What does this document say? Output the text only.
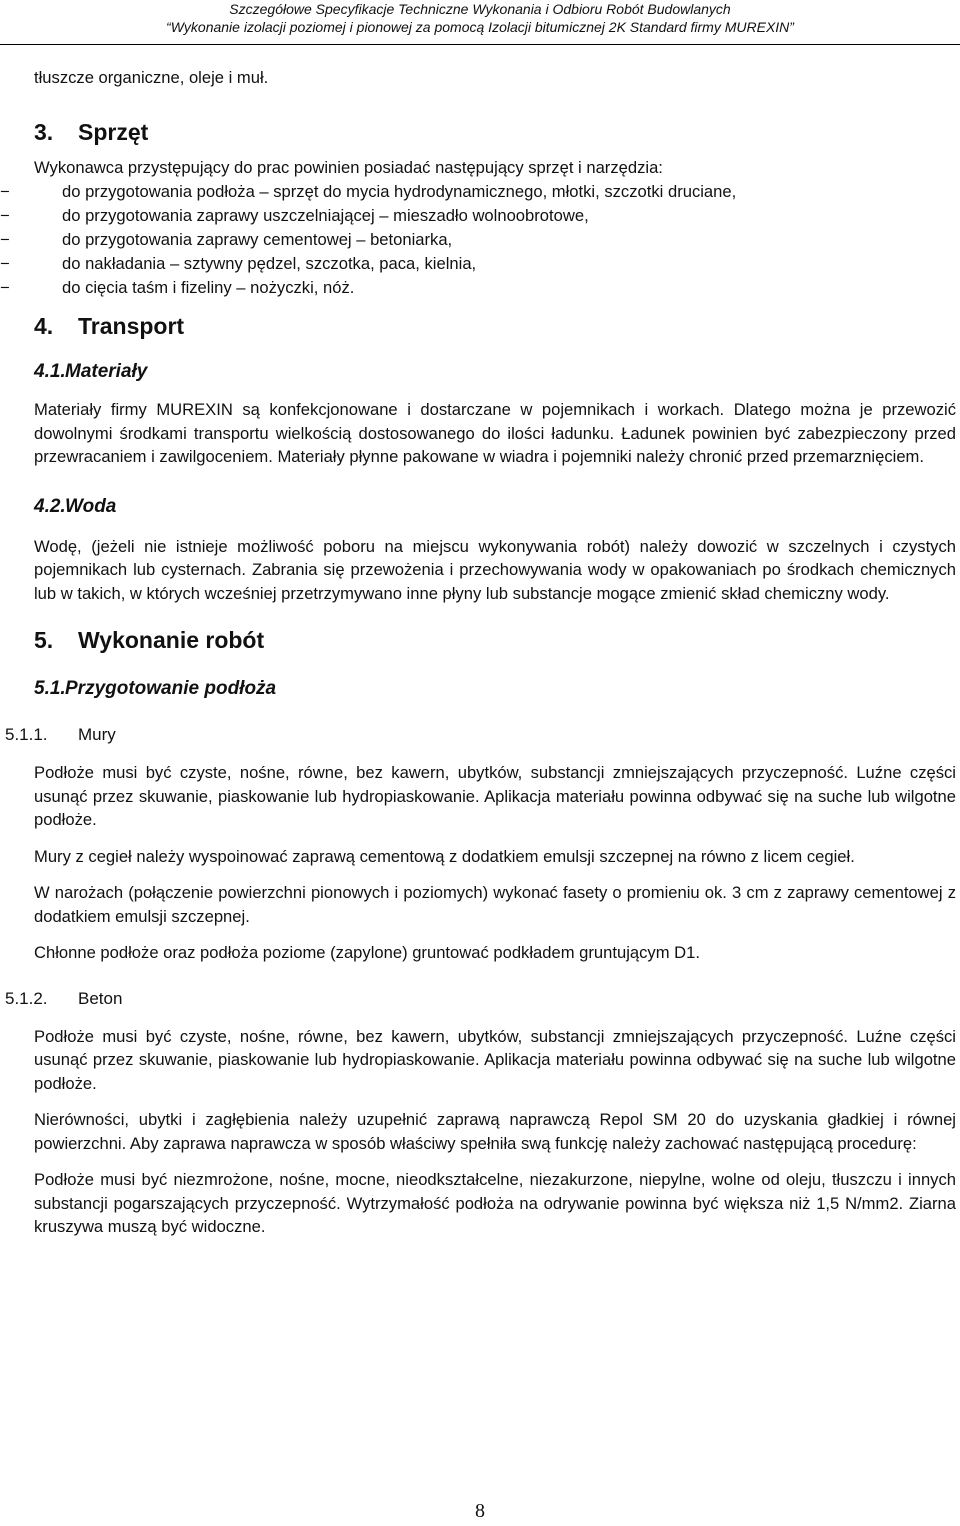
Szczegółowe Specyfikacje Techniczne Wykonania i Odbioru Robót Budowlanych
“Wykonanie izolacji poziomej i pionowej za pomocą Izolacji bitumicznej 2K Standard firmy MUREXIN”

tłuszcze organiczne, oleje i muł.

3.	Sprzęt

Wykonawca przystępujący do prac powinien posiadać następujący sprzęt i narzędzia:

−	do przygotowania podłoża – sprzęt do mycia hydrodynamicznego, młotki, szczotki druciane,
−	do przygotowania zaprawy uszczelniającej – mieszadło wolnoobrotowe,
−	do przygotowania zaprawy cementowej – betoniarka,
−	do nakładania – sztywny pędzel, szczotka, paca, kielnia,
−	do cięcia taśm i fizeliny – nożyczki, nóż.
4.	Transport
4.1. Materiały

Materiały firmy MUREXIN są konfekcjonowane i dostarczane w pojemnikach i workach. Dlatego można je przewozić dowolnymi środkami transportu wielkością dostosowanego do ilości ładunku. Ładunek powinien być zabezpieczony przed przewracaniem i zawilgoceniem. Materiały płynne pakowane w wiadra i pojemniki należy chronić przed przemarznięciem.

4.2. Woda

Wodę, (jeżeli nie istnieje możliwość poboru na miejscu wykonywania robót) należy dowozić w szczelnych i czystych pojemnikach lub cysternach. Zabrania się przewożenia i przechowywania wody w opakowaniach po środkach chemicznych lub w takich, w których wcześniej przetrzymywano inne płyny lub substancje mogące zmienić skład chemiczny wody.

5.	Wykonanie robót
5.1. Przygotowanie podłoża
5.1.1.	Mury

Podłoże musi być czyste, nośne, równe, bez kawern, ubytków, substancji zmniejszających przyczepność. Luźne części usunąć przez skuwanie, piaskowanie lub hydropiaskowanie. Aplikacja materiału powinna odbywać się na suche lub wilgotne podłoże.

Mury z cegieł należy wyspoinować zaprawą cementową z dodatkiem emulsji szczepnej na równo z licem cegieł.

W narożach (połączenie powierzchni pionowych i poziomych) wykonać fasety o promieniu ok. 3 cm z zaprawy cementowej z dodatkiem emulsji szczepnej.

Chłonne podłoże oraz podłoża poziome (zapylone) gruntować podkładem gruntującym D1.

5.1.2.	Beton

Podłoże musi być czyste, nośne, równe, bez kawern, ubytków, substancji zmniejszających przyczepność. Luźne części usunąć przez skuwanie, piaskowanie lub hydropiaskowanie. Aplikacja materiału powinna odbywać się na suche lub wilgotne podłoże.

Nierówności, ubytki i zagłębienia należy uzupełnić zaprawą naprawczą Repol SM 20 do uzyskania gładkiej i równej powierzchni. Aby zaprawa naprawcza w sposób właściwy spełniła swą funkcję należy zachować następującą procedurę:

Podłoże musi być niezmrożone, nośne, mocne, nieodkształcelne, niezakurzone, niepylne, wolne od oleju, tłuszczu i innych substancji pogarszających przyczepność. Wytrzymałość podłoża na odrywanie powinna być większa niż 1,5 N/mm2. Ziarna kruszywa muszą być widoczne.

8
